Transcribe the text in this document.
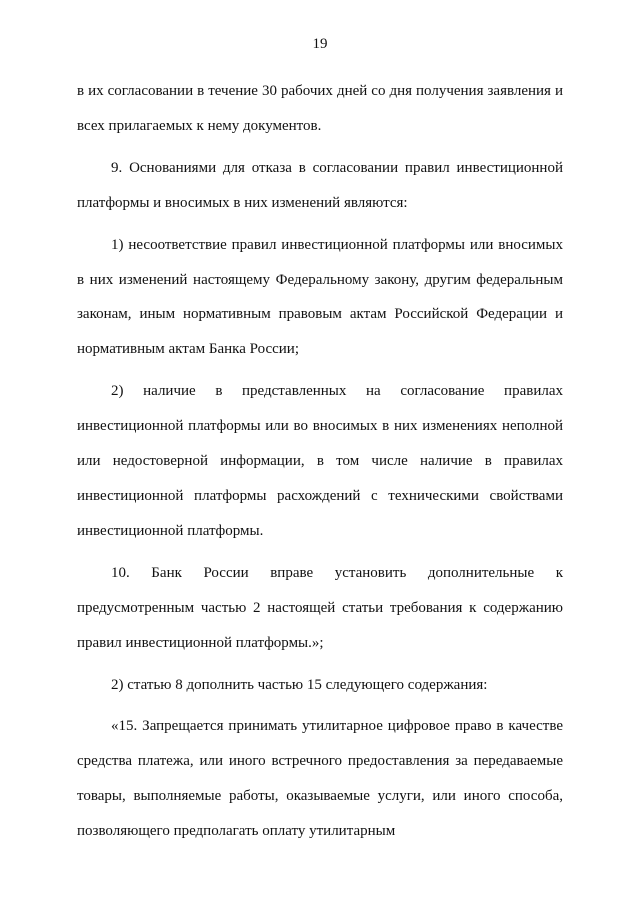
19

в их согласовании в течение 30 рабочих дней со дня получения заявления и всех прилагаемых к нему документов.

9. Основаниями для отказа в согласовании правил инвестиционной платформы и вносимых в них изменений являются:

1) несоответствие правил инвестиционной платформы или вносимых в них изменений настоящему Федеральному закону, другим федеральным законам, иным нормативным правовым актам Российской Федерации и нормативным актам Банка России;

2) наличие в представленных на согласование правилах инвестиционной платформы или во вносимых в них изменениях неполной или недостоверной информации, в том числе наличие в правилах инвестиционной платформы расхождений с техническими свойствами инвестиционной платформы.

10. Банк России вправе установить дополнительные к предусмотренным частью 2 настоящей статьи требования к содержанию правил инвестиционной платформы.»;

2) статью 8 дополнить частью 15 следующего содержания:

«15. Запрещается принимать утилитарное цифровое право в качестве средства платежа, или иного встречного предоставления за передаваемые товары, выполняемые работы, оказываемые услуги, или иного способа, позволяющего предполагать оплату утилитарным
